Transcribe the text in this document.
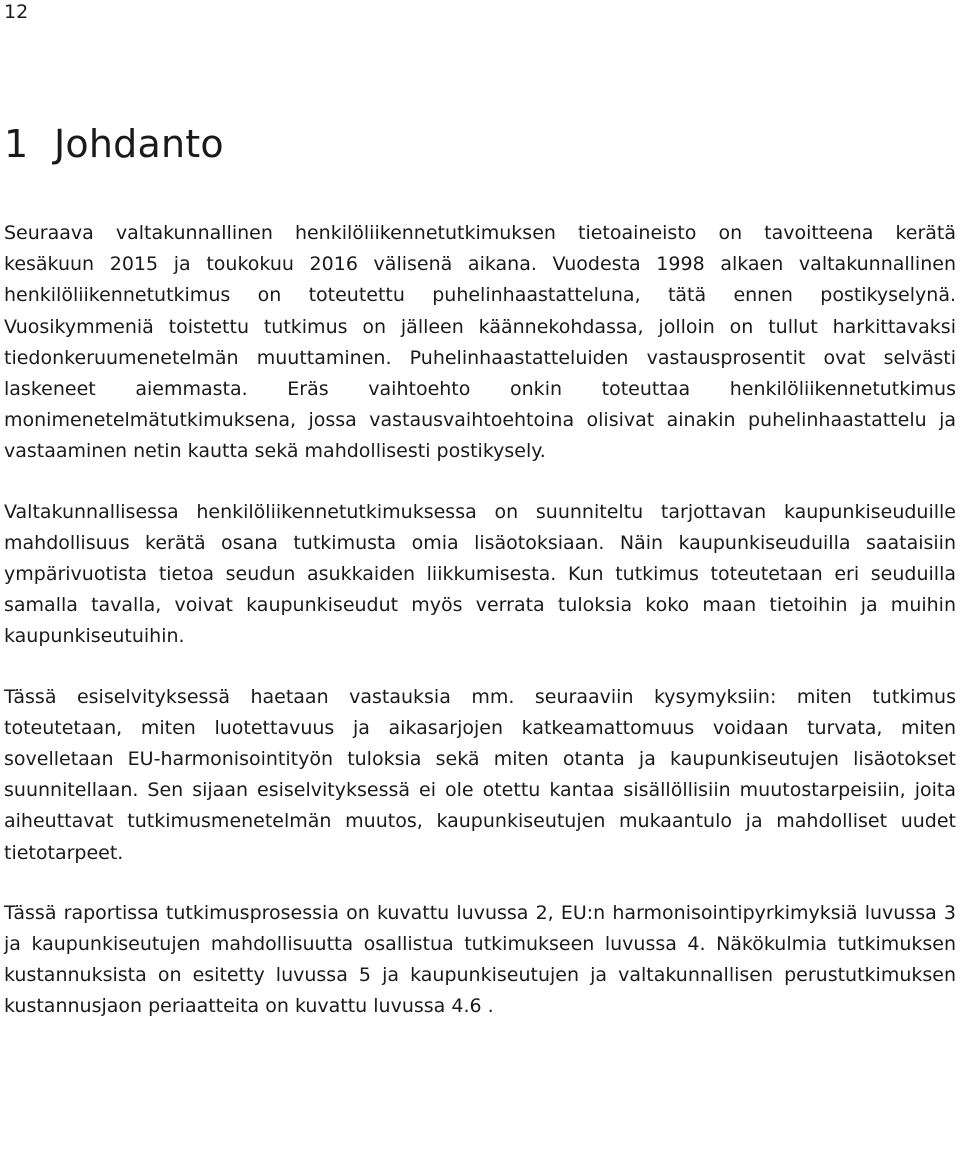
12
1 Johdanto

Seuraava valtakunnallinen henkilöliikennetutkimuksen tietoaineisto on tavoitteena kerätä kesäkuun 2015 ja toukokuu 2016 välisenä aikana. Vuodesta 1998 alkaen valtakunnallinen henkilöliikennetutkimus on toteutettu puhelinhaastatteluna, tätä ennen postikyselynä. Vuosikymmeniä toistettu tutkimus on jälleen käännekohdassa, jolloin on tullut harkittavaksi tiedonkeruumenetelmän muuttaminen. Puhelinhaastatteluiden vastausprosentit ovat selvästi laskeneet aiemmasta. Eräs vaihtoehto onkin toteuttaa henkilöliikennetutkimus monimenetelmätutkimuksena, jossa vastausvaihtoehtoina olisivat ainakin puhelinhaastattelu ja vastaaminen netin kautta sekä mahdollisesti postikysely.

Valtakunnallisessa henkilöliikennetutkimuksessa on suunniteltu tarjottavan kaupunkiseuduille mahdollisuus kerätä osana tutkimusta omia lisäotoksiaan. Näin kaupunkiseuduilla saataisiin ympärivuotista tietoa seudun asukkaiden liikkumisesta. Kun tutkimus toteutetaan eri seuduilla samalla tavalla, voivat kaupunkiseudut myös verrata tuloksia koko maan tietoihin ja muihin kaupunkiseutuihin.

Tässä esiselvityksessä haetaan vastauksia mm. seuraaviin kysymyksiin: miten tutkimus toteutetaan, miten luotettavuus ja aikasarjojen katkeamattomuus voidaan turvata, miten sovelletaan EU-harmonisointityön tuloksia sekä miten otanta ja kaupunkiseutujen lisäotokset suunnitellaan. Sen sijaan esiselvityksessä ei ole otettu kantaa sisällöllisiin muutostarpeisiin, joita aiheuttavat tutkimusmenetelmän muutos, kaupunkiseutujen mukaantulo ja mahdolliset uudet tietotarpeet.

Tässä raportissa tutkimusprosessia on kuvattu luvussa 2, EU:n harmonisointipyrkimyksiä luvussa 3 ja kaupunkiseutujen mahdollisuutta osallistua tutkimukseen luvussa 4. Näkökulmia tutkimuksen kustannuksista on esitetty luvussa 5 ja kaupunkiseutujen ja valtakunnallisen perustutkimuksen kustannusjaon periaatteita on kuvattu luvussa 4.6 .
